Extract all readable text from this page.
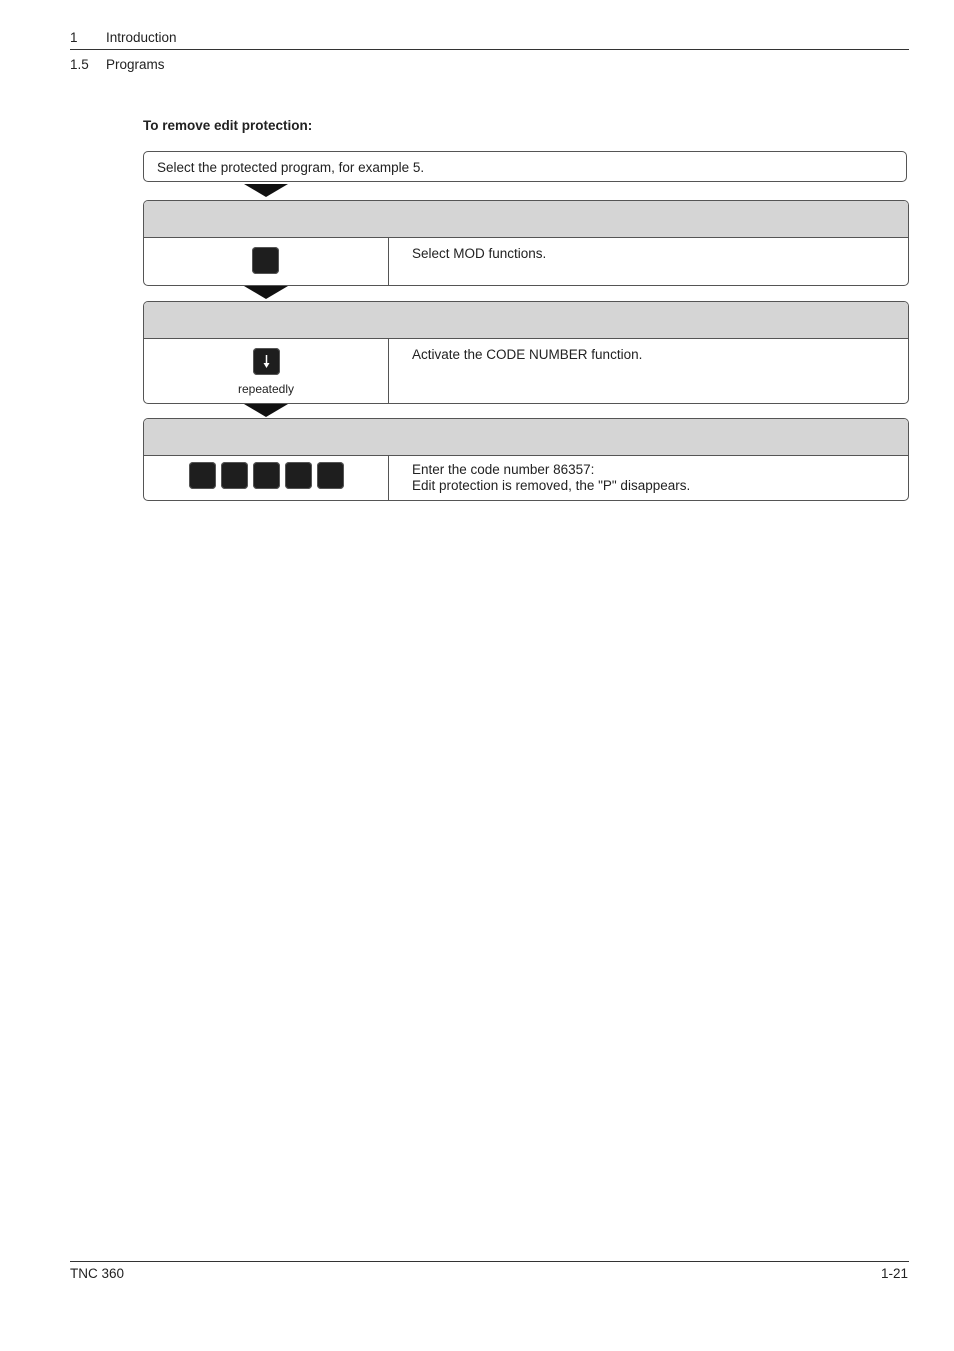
1 Introduction
1.5 Programs
To remove edit protection:
Select the protected program, for example 5.
Select MOD functions.
repeatedly
Activate the CODE NUMBER function.
Enter the code number 86357:
Edit protection is removed, the "P" disappears.
TNC 360	1-21
